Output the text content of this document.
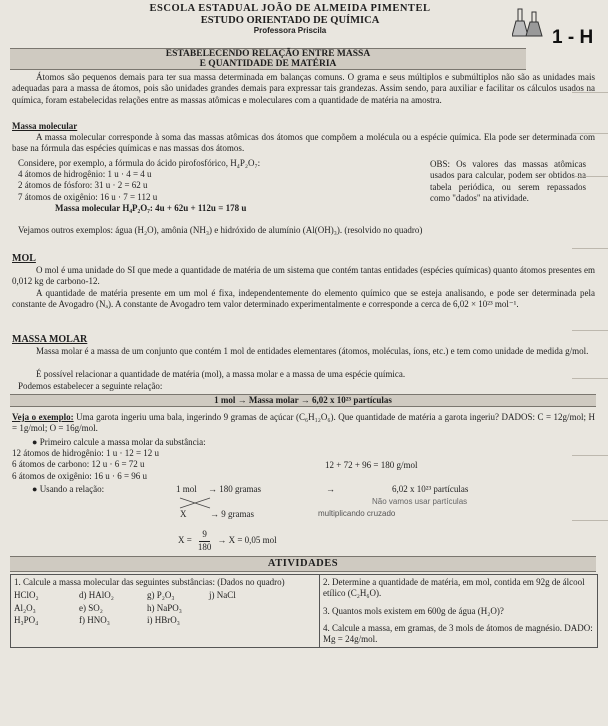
ESCOLA ESTADUAL JOÃO DE ALMEIDA PIMENTEL
ESTUDO ORIENTADO DE QUÍMICA
Professora Priscila	1 - H
ESTABELECENDO RELAÇÃO ENTRE MASSA
E QUANTIDADE DE MATÉRIA
Átomos são pequenos demais para ter sua massa determinada em balanças comuns. O grama e seus múltiplos e submúltiplos não são as unidades mais adequadas para a massa de átomos, pois são unidades grandes demais para expressar tais grandezas. Assim sendo, para auxiliar e facilitar os cálculos usados na química, foram estabelecidas relações entre as massas atômicas e moleculares com a quantidade de matéria na amostra.
Massa molecular
A massa molecular corresponde à soma das massas atômicas dos átomos que compõem a molécula ou a espécie química. Ela pode ser determinada com base na fórmula das espécies químicas e nas massas dos átomos.
Considere, por exemplo, a fórmula do ácido pirofosfórico, H₄P₂O₇:
4 átomos de hidrogênio: 1 u · 4 = 4 u
2 átomos de fósforo: 31 u · 2 = 62 u
7 átomos de oxigênio: 16 u · 7 = 112 u
OBS: Os valores das massas atômicas usados para calcular, podem ser obtidos na tabela periódica, ou serem repassados como "dados" na atividade.
Massa molecular H₄P₂O₇: 4u + 62u + 112u = 178 u
Vejamos outros exemplos: água (H₂O), amônia (NH₃) e hidróxido de alumínio (Al(OH)₃). (resolvido no quadro)
MOL
O mol é uma unidade do SI que mede a quantidade de matéria de um sistema que contém tantas entidades (espécies químicas) quanto átomos presentes em 0,012 kg de carbono-12.
A quantidade de matéria presente em um mol é fixa, independentemente do elemento químico que se esteja analisando, e pode ser determinada pela constante de Avogadro (Nₐ). A constante de Avogadro tem valor determinado experimentalmente e corresponde a cerca de 6,02 × 10²³ mol⁻¹.
MASSA MOLAR
Massa molar é a massa de um conjunto que contém 1 mol de entidades elementares (átomos, moléculas, íons, etc.) e tem como unidade de medida g/mol.
É possível relacionar a quantidade de matéria (mol), a massa molar e a massa de uma espécie química.
Podemos estabelecer a seguinte relação:
1 mol → Massa molar → 6,02 x 10²³ partículas
Veja o exemplo: Uma garota ingeriu uma bala, ingerindo 9 gramas de açúcar (C₆H₁₂O₆). Que quantidade de matéria a garota ingeriu? DADOS: C = 12g/mol; H = 1g/mol; O = 16g/mol.
● Primeiro calcule a massa molar da substância:
12 átomos de hidrogênio: 1 u · 12 = 12 u
6 átomos de carbono: 12 u · 6 = 72 u
6 átomos de oxigênio: 16 u · 6 = 96 u
12 + 72 + 96 = 180 g/mol
● Usando a relação:	1 mol → 180 gramas	→	6,02 x 10²³ partículas
X	→ 9 gramas
Não vamos usar partículas
multiplicando cruzado
$X = \frac{9}{180} \to X = 0,05$ mol
ATIVIDADES
1. Calcule a massa molecular das seguintes substâncias: (Dados no quadro)
HClO₂	d) HAlO₂	g) P₂O₃	j) NaCl
Al₂O₃	e) SO₂	h) NaPO₃
H₃PO₄	f) HNO₃	i) HBrO₃

2. Determine a quantidade de matéria, em mol, contida em 92g de álcool etílico (C₂H₆O).
3. Quantos mols existem em 600g de água (H₂O)?
4. Calcule a massa, em gramas, de 3 mols de átomos de magnésio. DADO: Mg = 24g/mol.
